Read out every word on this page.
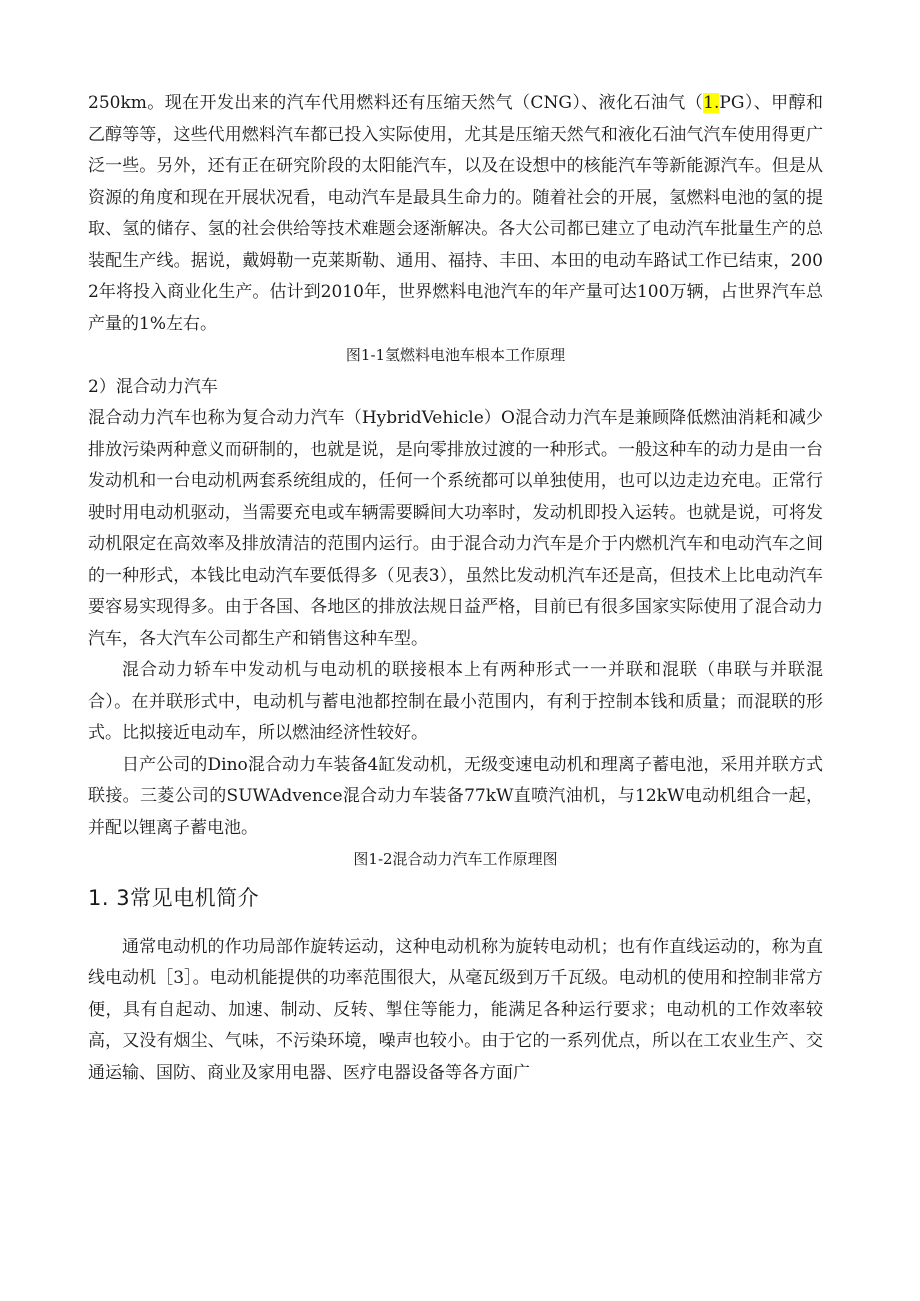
250km。现在开发出来的汽车代用燃料还有压缩天然气（CNG）、液化石油气（1.PG）、甲醇和乙醇等等，这些代用燃料汽车都已投入实际使用，尤其是压缩天然气和液化石油气汽车使用得更广泛一些。另外，还有正在研究阶段的太阳能汽车，以及在设想中的核能汽车等新能源汽车。但是从资源的角度和现在开展状况看，电动汽车是最具生命力的。随着社会的开展，氢燃料电池的氢的提取、氢的储存、氢的社会供给等技术难题会逐渐解决。各大公司都已建立了电动汽车批量生产的总装配生产线。据说，戴姆勒一克莱斯勒、通用、福持、丰田、本田的电动车路试工作已结束，2002年将投入商业化生产。估计到2010年，世界燃料电池汽车的年产量可达100万辆，占世界汽车总产量的1%左右。

图1-1氢燃料电池车根本工作原理

2）混合动力汽车

混合动力汽车也称为复合动力汽车（HybridVehicle）O混合动力汽车是兼顾降低燃油消耗和减少排放污染两种意义而研制的，也就是说，是向零排放过渡的一种形式。一般这种车的动力是由一台发动机和一台电动机两套系统组成的，任何一个系统都可以单独使用，也可以边走边充电。正常行驶时用电动机驱动，当需要充电或车辆需要瞬间大功率时，发动机即投入运转。也就是说，可将发动机限定在高效率及排放清洁的范围内运行。由于混合动力汽车是介于内燃机汽车和电动汽车之间的一种形式，本钱比电动汽车要低得多（见表3），虽然比发动机汽车还是高，但技术上比电动汽车要容易实现得多。由于各国、各地区的排放法规日益严格，目前已有很多国家实际使用了混合动力汽车，各大汽车公司都生产和销售这种车型。

混合动力轿车中发动机与电动机的联接根本上有两种形式一一并联和混联（串联与并联混合）。在并联形式中，电动机与蓄电池都控制在最小范围内，有利于控制本钱和质量；而混联的形式。比拟接近电动车，所以燃油经济性较好。

日产公司的Dino混合动力车装备4缸发动机，无级变速电动机和理离子蓄电池，采用并联方式联接。三菱公司的SUWAdvence混合动力车装备77kW直喷汽油机，与12kW电动机组合一起，并配以锂离子蓄电池。

图1-2混合动力汽车工作原理图

1. 3常见电机简介

通常电动机的作功局部作旋转运动，这种电动机称为旋转电动机；也有作直线运动的，称为直线电动机［3］。电动机能提供的功率范围很大，从毫瓦级到万千瓦级。电动机的使用和控制非常方便，具有自起动、加速、制动、反转、掣住等能力，能满足各种运行要求；电动机的工作效率较高，又没有烟尘、气味，不污染环境，噪声也较小。由于它的一系列优点，所以在工农业生产、交通运输、国防、商业及家用电器、医疗电器设备等各方面广
